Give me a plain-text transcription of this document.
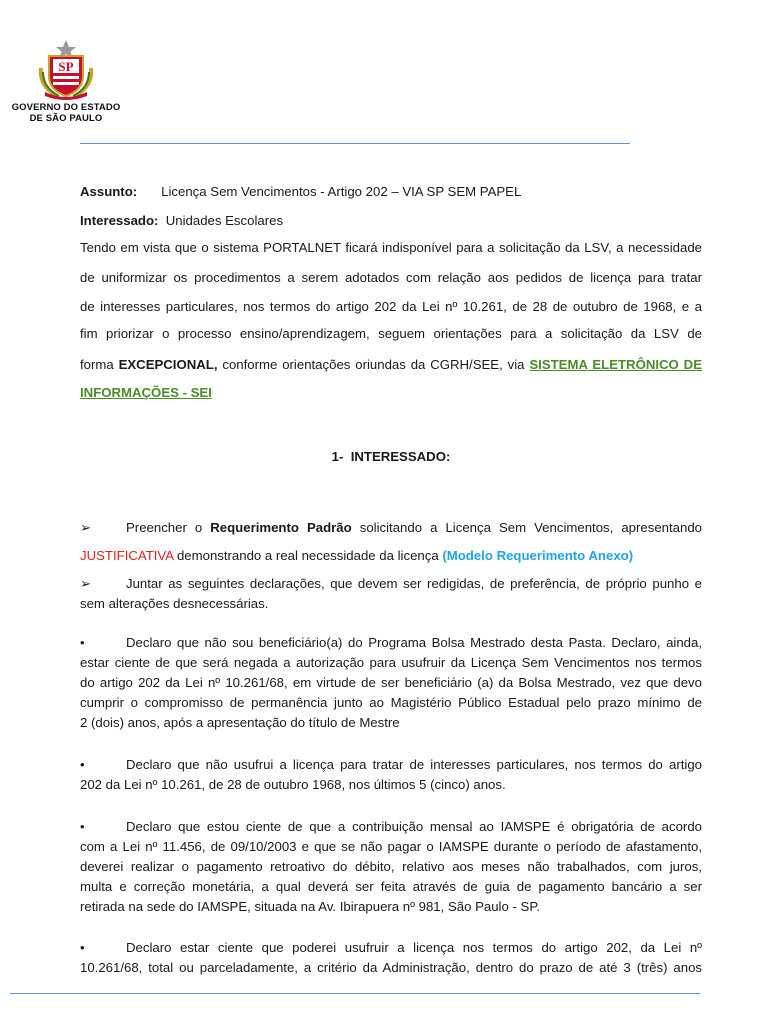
SP
GOVERNO DO ESTADO
DE SÃO PAULO
Assunto: Licença Sem Vencimentos - Artigo 202 – VIA SP SEM PAPEL
Interessado: Unidades Escolares
Tendo em vista que o sistema PORTALNET ficará indisponível para a solicitação da LSV, a necessidade
de uniformizar os procedimentos a serem adotados com relação aos pedidos de licença para tratar
de interesses particulares, nos termos do artigo 202 da Lei nº 10.261, de 28 de outubro de 1968, e a
fim priorizar o processo ensino/aprendizagem, seguem orientações para a solicitação da LSV de
forma EXCEPCIONAL, conforme orientações oriundas da CGRH/SEE, via SISTEMA ELETRÔNICO DE
INFORMAÇÕES - SEI
1- INTERESSADO:
➢	Preencher o Requerimento Padrão solicitando a Licença Sem Vencimentos, apresentando
JUSTIFICATIVA demonstrando a real necessidade da licença (Modelo Requerimento Anexo)
➢	Juntar as seguintes declarações, que devem ser redigidas, de preferência, de próprio punho e
sem alterações desnecessárias.
•	Declaro que não sou beneficiário(a) do Programa Bolsa Mestrado desta Pasta. Declaro, ainda,
estar ciente de que será negada a autorização para usufruir da Licença Sem Vencimentos nos termos
do artigo 202 da Lei nº 10.261/68, em virtude de ser beneficiário (a) da Bolsa Mestrado, vez que devo
cumprir o compromisso de permanência junto ao Magistério Público Estadual pelo prazo mínimo de
2 (dois) anos, após a apresentação do título de Mestre
•	Declaro que não usufrui a licença para tratar de interesses particulares, nos termos do artigo
202 da Lei nº 10.261, de 28 de outubro 1968, nos últimos 5 (cinco) anos.
•	Declaro que estou ciente de que a contribuição mensal ao IAMSPE é obrigatória de acordo
com a Lei nº 11.456, de 09/10/2003 e que se não pagar o IAMSPE durante o período de afastamento,
deverei realizar o pagamento retroativo do débito, relativo aos meses não trabalhados, com juros,
multa e correção monetária, a qual deverá ser feita através de guia de pagamento bancário a ser
retirada na sede do IAMSPE, situada na Av. Ibirapuera nº 981, São Paulo - SP.
•	Declaro estar ciente que poderei usufruir a licença nos termos do artigo 202, da Lei nº
10.261/68, total ou parceladamente, a critério da Administração, dentro do prazo de até 3 (três) anos
